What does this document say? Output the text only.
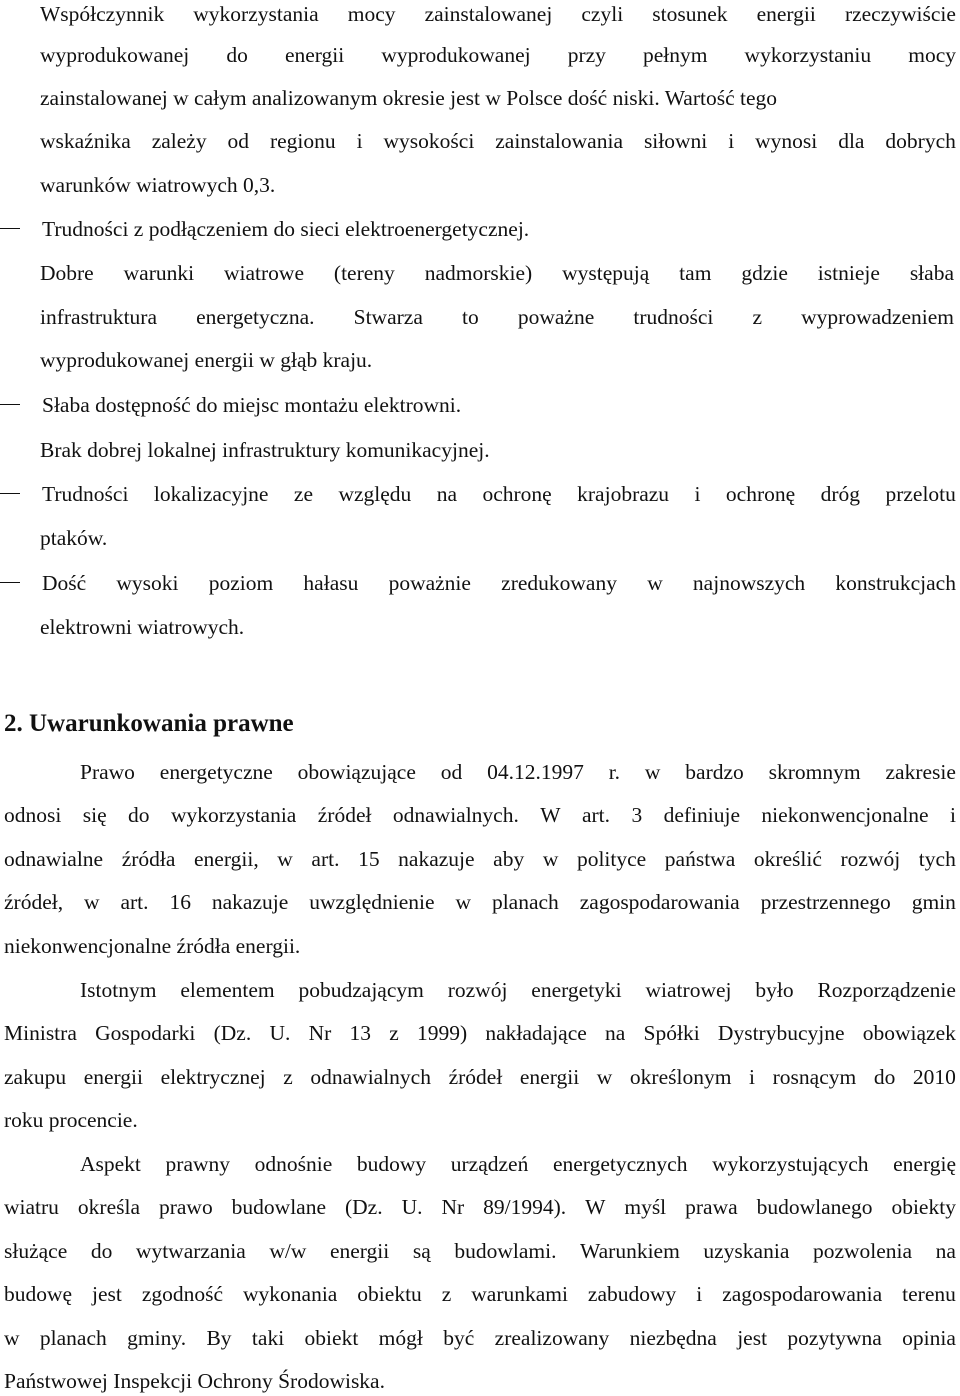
Współczynnik wykorzystania mocy zainstalowanej czyli stosunek energii rzeczywiście
wyprodukowanej do energii wyprodukowanej przy pełnym wykorzystaniu mocy
zainstalowanej w całym analizowanym okresie jest w Polsce dość niski. Wartość tego
wskaźnika zależy od regionu i wysokości zainstalowania siłowni i wynosi dla dobrych
warunków wiatrowych 0,3.
Trudności z podłączeniem do sieci elektroenergetycznej.
Dobre warunki wiatrowe (tereny nadmorskie) występują tam gdzie istnieje słaba
infrastruktura energetyczna. Stwarza to poważne trudności z wyprowadzeniem
wyprodukowanej energii w głąb kraju.
Słaba dostępność do miejsc montażu elektrowni.
Brak dobrej lokalnej infrastruktury komunikacyjnej.
Trudności lokalizacyjne ze względu na ochronę krajobrazu i ochronę dróg przelotu
ptaków.
Dość wysoki poziom hałasu poważnie zredukowany w najnowszych konstrukcjach
elektrowni wiatrowych.
2. Uwarunkowania prawne
Prawo energetyczne obowiązujące od 04.12.1997 r. w bardzo skromnym zakresie
odnosi się do wykorzystania źródeł odnawialnych. W art. 3 definiuje niekonwencjonalne i
odnawialne źródła energii, w art. 15 nakazuje aby w polityce państwa określić rozwój tych
źródeł, w art. 16 nakazuje uwzględnienie w planach zagospodarowania przestrzennego gmin
niekonwencjonalne źródła energii.
Istotnym elementem pobudzającym rozwój energetyki wiatrowej było Rozporządzenie
Ministra Gospodarki (Dz. U. Nr 13 z 1999) nakładające na Spółki Dystrybucyjne obowiązek
zakupu energii elektrycznej z odnawialnych źródeł energii w określonym i rosnącym do 2010
roku procencie.
Aspekt prawny odnośnie budowy urządzeń energetycznych wykorzystujących energię
wiatru określa prawo budowlane (Dz. U. Nr 89/1994). W myśl prawa budowlanego obiekty
służące do wytwarzania w/w energii są budowlami. Warunkiem uzyskania pozwolenia na
budowę jest zgodność wykonania obiektu z warunkami zabudowy i zagospodarowania terenu
w planach gminy. By taki obiekt mógł być zrealizowany niezbędna jest pozytywna opinia
Państwowej Inspekcji Ochrony Środowiska.
